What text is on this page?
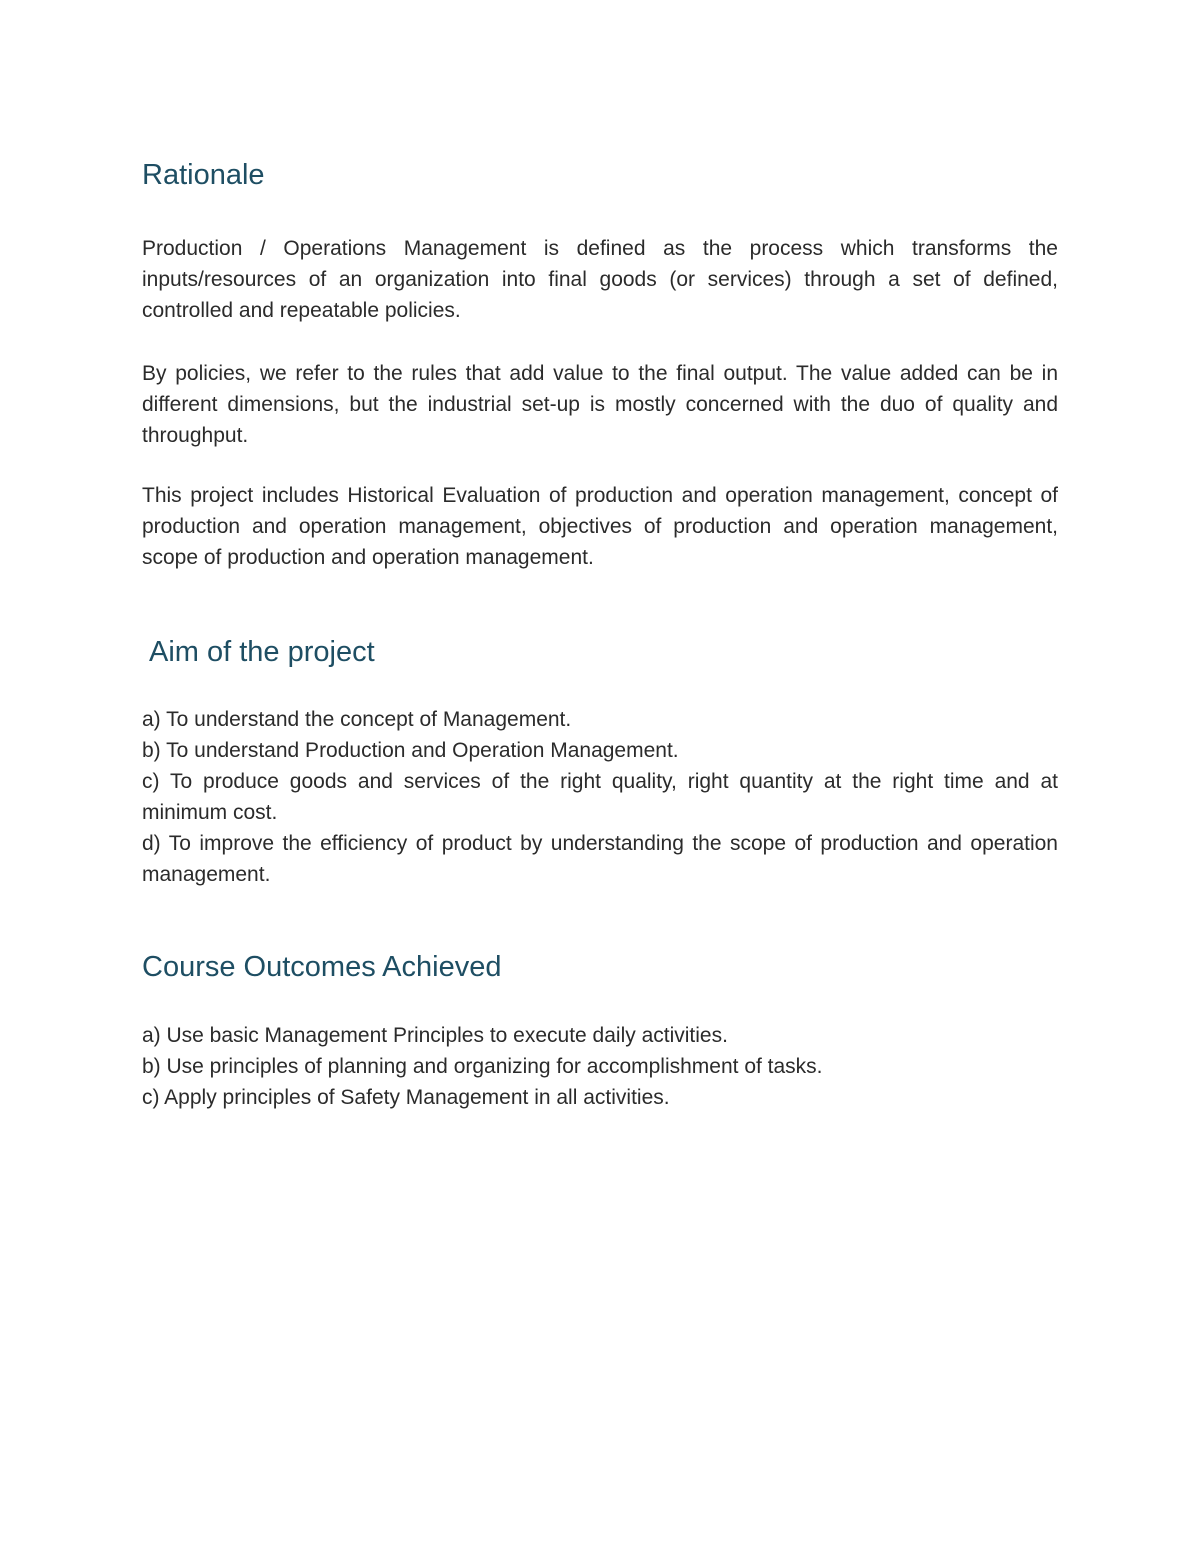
Rationale

Production / Operations Management is defined as the process which transforms the inputs/resources of an organization into final goods (or services) through a set of defined, controlled and repeatable policies.

By policies, we refer to the rules that add value to the final output. The value added can be in different dimensions, but the industrial set-up is mostly concerned with the duo of quality and throughput.

This project includes Historical Evaluation of production and operation management, concept of production and operation management, objectives of production and operation management, scope of production and operation management.

Aim of the project
a) To understand the concept of Management.
b) To understand Production and Operation Management.
c) To produce goods and services of the right quality, right quantity at the right time and at minimum cost.
d) To improve the efficiency of product by understanding the scope of production and operation management.
Course Outcomes Achieved
a) Use basic Management Principles to execute daily activities.
b) Use principles of planning and organizing for accomplishment of tasks.
c) Apply principles of Safety Management in all activities.
